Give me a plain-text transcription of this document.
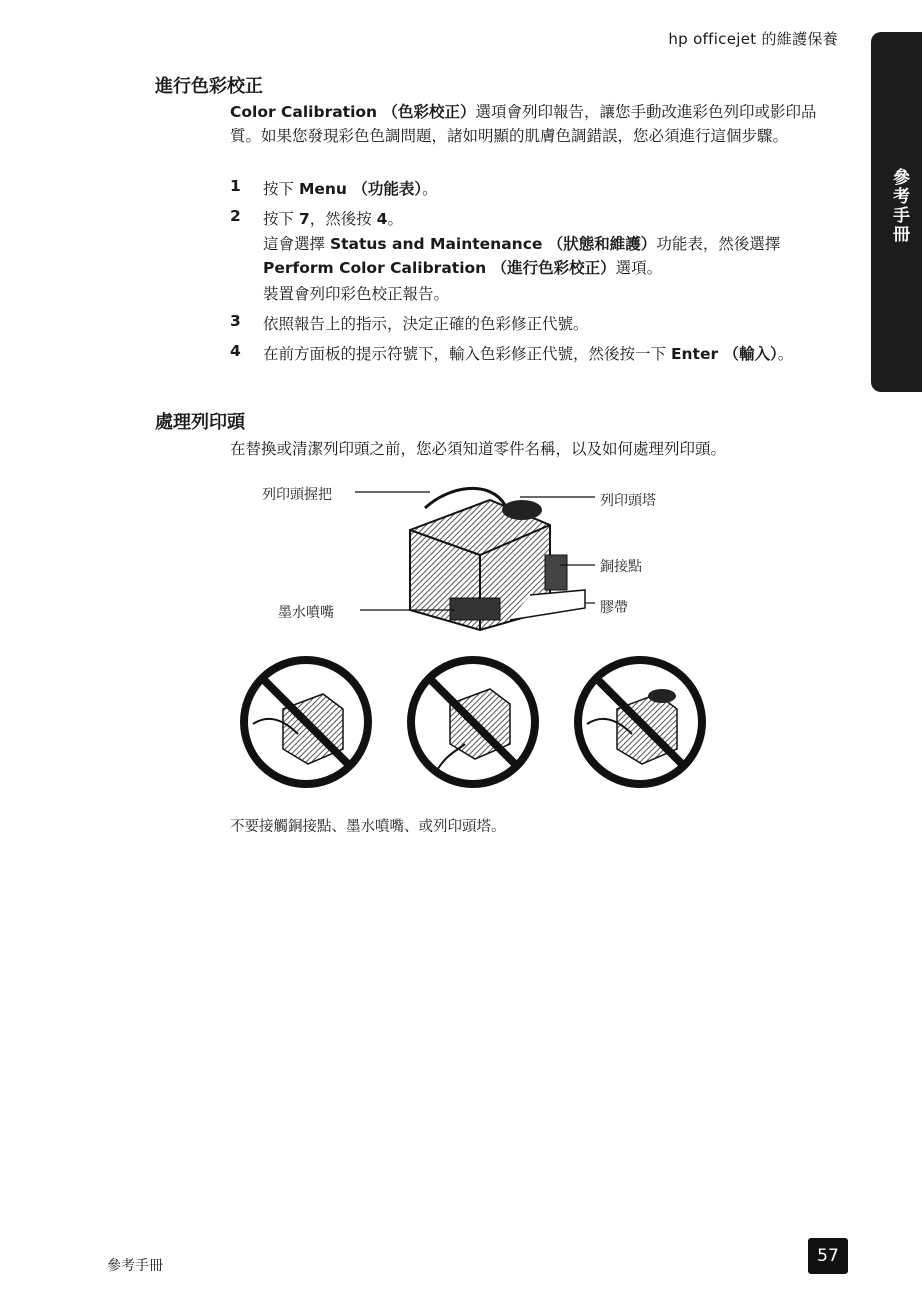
hp officejet 的維護保養
參考手冊
進行色彩校正
Color Calibration （色彩校正）選項會列印報告，讓您手動改進彩色列印或影印品質。如果您發現彩色色調問題，諸如明顯的肌膚色調錯誤，您必須進行這個步驟。
1 按下 Menu （功能表）。
2 按下 7，然後按 4。
這會選擇 Status and Maintenance （狀態和維護）功能表，然後選擇 Perform Color Calibration （進行色彩校正）選項。
裝置會列印彩色校正報告。
3 依照報告上的指示，決定正確的色彩修正代號。
4 在前方面板的提示符號下，輸入色彩修正代號，然後按一下 Enter （輸入）。
處理列印頭
在替換或清潔列印頭之前，您必須知道零件名稱，以及如何處理列印頭。
列印頭握把	列印頭塔
銅接點
墨水噴嘴	膠帶
不要接觸銅接點、墨水噴嘴、或列印頭塔。
參考手冊	57
